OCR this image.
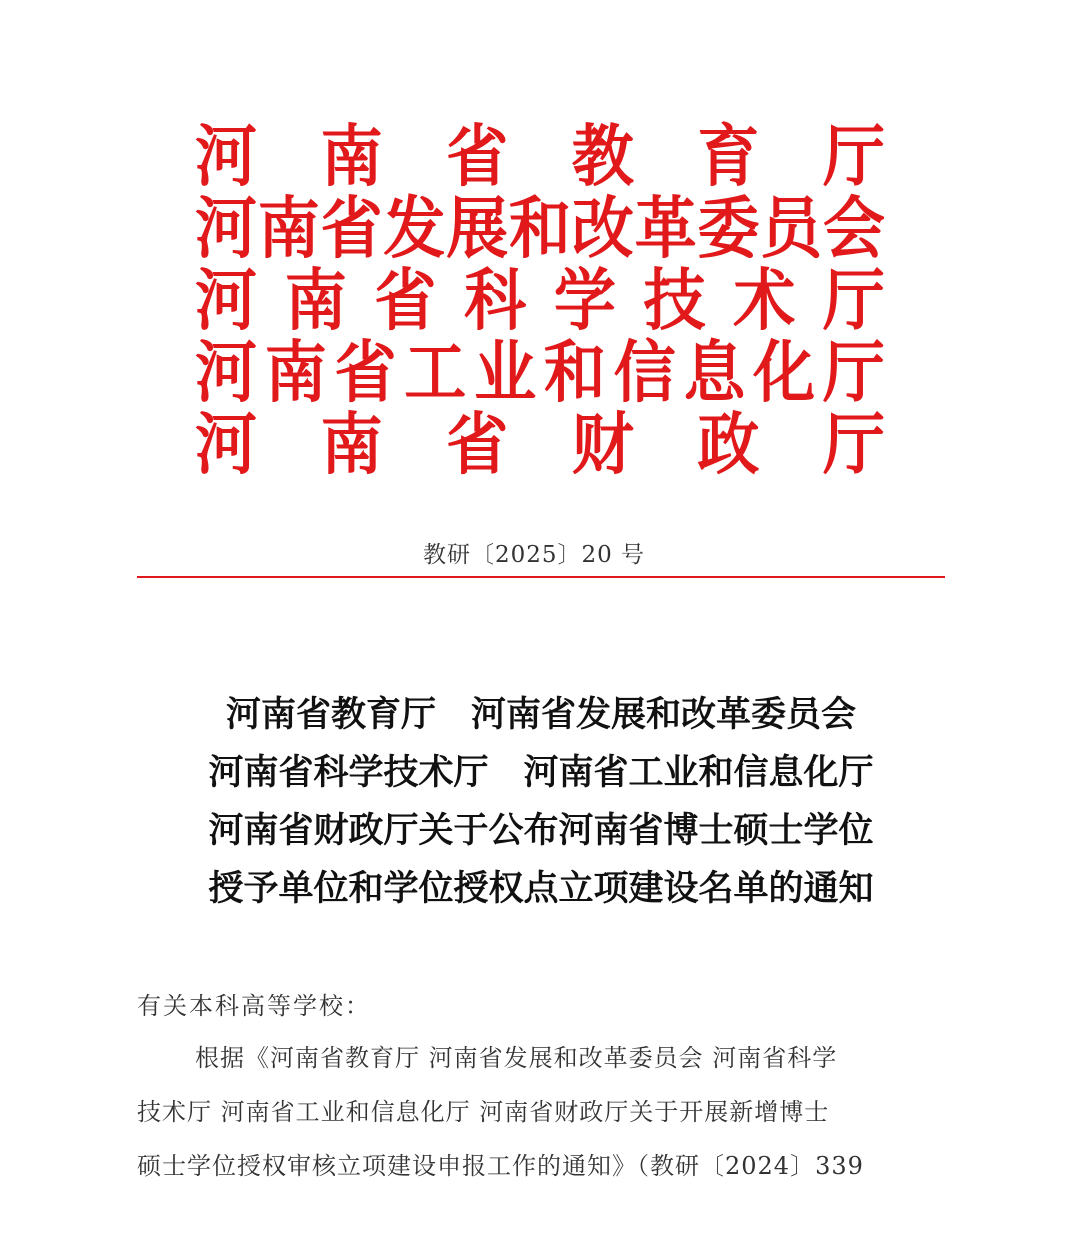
河 南 省 教 育 厅
河 南 省 发 展 和 改 革 委 员 会
河 南 省 科 学 技 术 厅
河 南 省 工 业 和 信 息 化 厅
河 南 省 财 政 厅
教研〔2025〕20 号
河南省教育厅　河南省发展和改革委员会
河南省科学技术厅　河南省工业和信息化厅
河南省财政厅关于公布河南省博士硕士学位
授予单位和学位授权点立项建设名单的通知
有关本科高等学校：
根据《河南省教育厅 河南省发展和改革委员会 河南省科学
技术厅 河南省工业和信息化厅 河南省财政厅关于开展新增博士
硕士学位授权审核立项建设申报工作的通知》（教研〔2024〕339
